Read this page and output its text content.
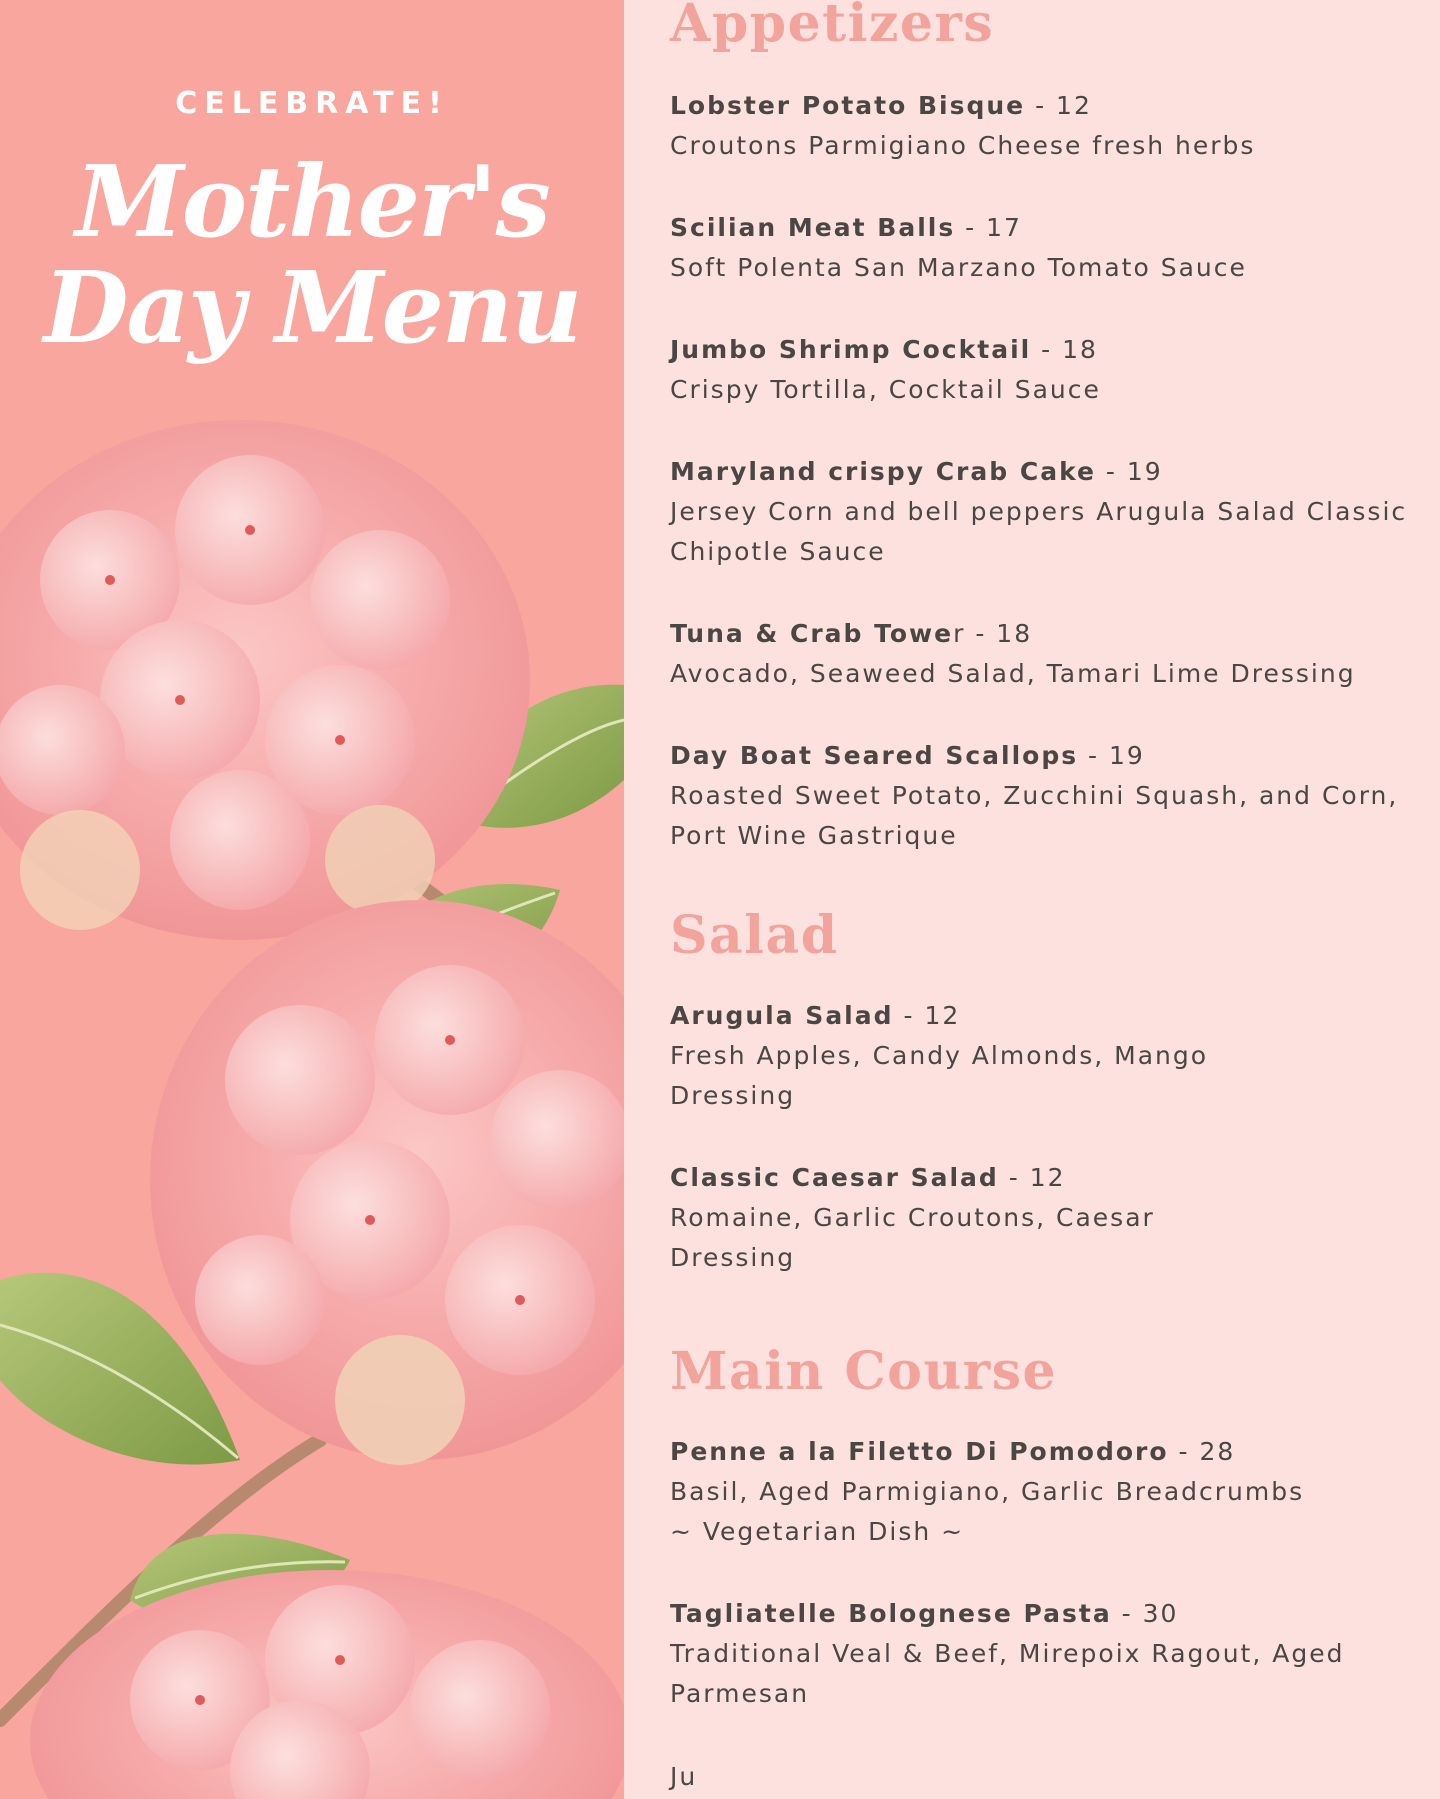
CELEBRATE!
Mother's
Day Menu
Appetizers
Lobster Potato Bisque - 12
Croutons Parmigiano Cheese fresh herbs
Scilian Meat Balls - 17
Soft Polenta San Marzano Tomato Sauce
Jumbo Shrimp Cocktail - 18
Crispy Tortilla, Cocktail Sauce
Maryland crispy Crab Cake - 19
Jersey Corn and bell peppers Arugula Salad Classic
Chipotle Sauce
Tuna & Crab Tower - 18
Avocado, Seaweed Salad, Tamari Lime Dressing
Day Boat Seared Scallops - 19
Roasted Sweet Potato, Zucchini Squash, and Corn,
Port Wine Gastrique
Salad
Arugula Salad - 12
Fresh Apples, Candy Almonds, Mango
Dressing
Classic Caesar Salad - 12
Romaine, Garlic Croutons, Caesar
Dressing
Main Course
Penne a la Filetto Di Pomodoro - 28
Basil, Aged Parmigiano, Garlic Breadcrumbs
~ Vegetarian Dish ~
Tagliatelle Bolognese Pasta - 30
Traditional Veal & Beef, Mirepoix Ragout, Aged
Parmesan
Ju
